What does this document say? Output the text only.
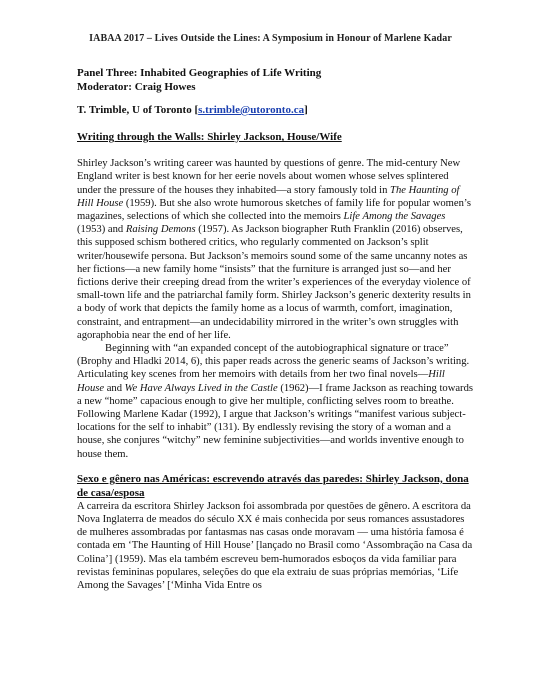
IABAA 2017 – Lives Outside the Lines: A Symposium in Honour of Marlene Kadar
Panel Three: Inhabited Geographies of Life Writing
Moderator: Craig Howes
T. Trimble, U of Toronto [s.trimble@utoronto.ca]
Writing through the Walls: Shirley Jackson, House/Wife

Shirley Jackson’s writing career was haunted by questions of genre. The mid-century New England writer is best known for her eerie novels about women whose selves splintered under the pressure of the houses they inhabited—a story famously told in The Haunting of Hill House (1959). But she also wrote humorous sketches of family life for popular women’s magazines, selections of which she collected into the memoirs Life Among the Savages (1953) and Raising Demons (1957). As Jackson biographer Ruth Franklin (2016) observes, this supposed schism bothered critics, who regularly commented on Jackson’s split writer/housewife persona. But Jackson’s memoirs sound some of the same uncanny notes as her fictions—a new family home “insists” that the furniture is arranged just so—and her fictions derive their creeping dread from the writer’s experiences of the everyday violence of small-town life and the patriarchal family form. Shirley Jackson’s generic dexterity results in a body of work that depicts the family home as a locus of warmth, comfort, imagination, constraint, and entrapment—an undecidability mirrored in the writer’s own struggles with agoraphobia near the end of her life.

Beginning with “an expanded concept of the autobiographical signature or trace” (Brophy and Hladki 2014, 6), this paper reads across the generic seams of Jackson’s writing. Articulating key scenes from her memoirs with details from her two final novels—Hill House and We Have Always Lived in the Castle (1962)—I frame Jackson as reaching towards a new “home” capacious enough to give her multiple, conflicting selves room to breathe. Following Marlene Kadar (1992), I argue that Jackson’s writings “manifest various subject-locations for the self to inhabit” (131). By endlessly revising the story of a woman and a house, she conjures “witchy” new feminine subjectivities—and worlds inventive enough to house them.

Sexo e gênero nas Américas: escrevendo através das paredes: Shirley Jackson, dona de casa/esposa

A carreira da escritora Shirley Jackson foi assombrada por questões de gênero. A escritora da Nova Inglaterra de meados do século XX é mais conhecida por seus romances assustadores de mulheres assombradas por fantasmas nas casas onde moravam — uma história famosa é contada em ‘The Haunting of Hill House’ [lançado no Brasil como ‘Assombração na Casa da Colina’] (1959). Mas ela também escreveu bem-humorados esboços da vida familiar para revistas femininas populares, seleções do que ela extraiu de suas próprias memórias, ‘Life Among the Savages’ [‘Minha Vida Entre os
